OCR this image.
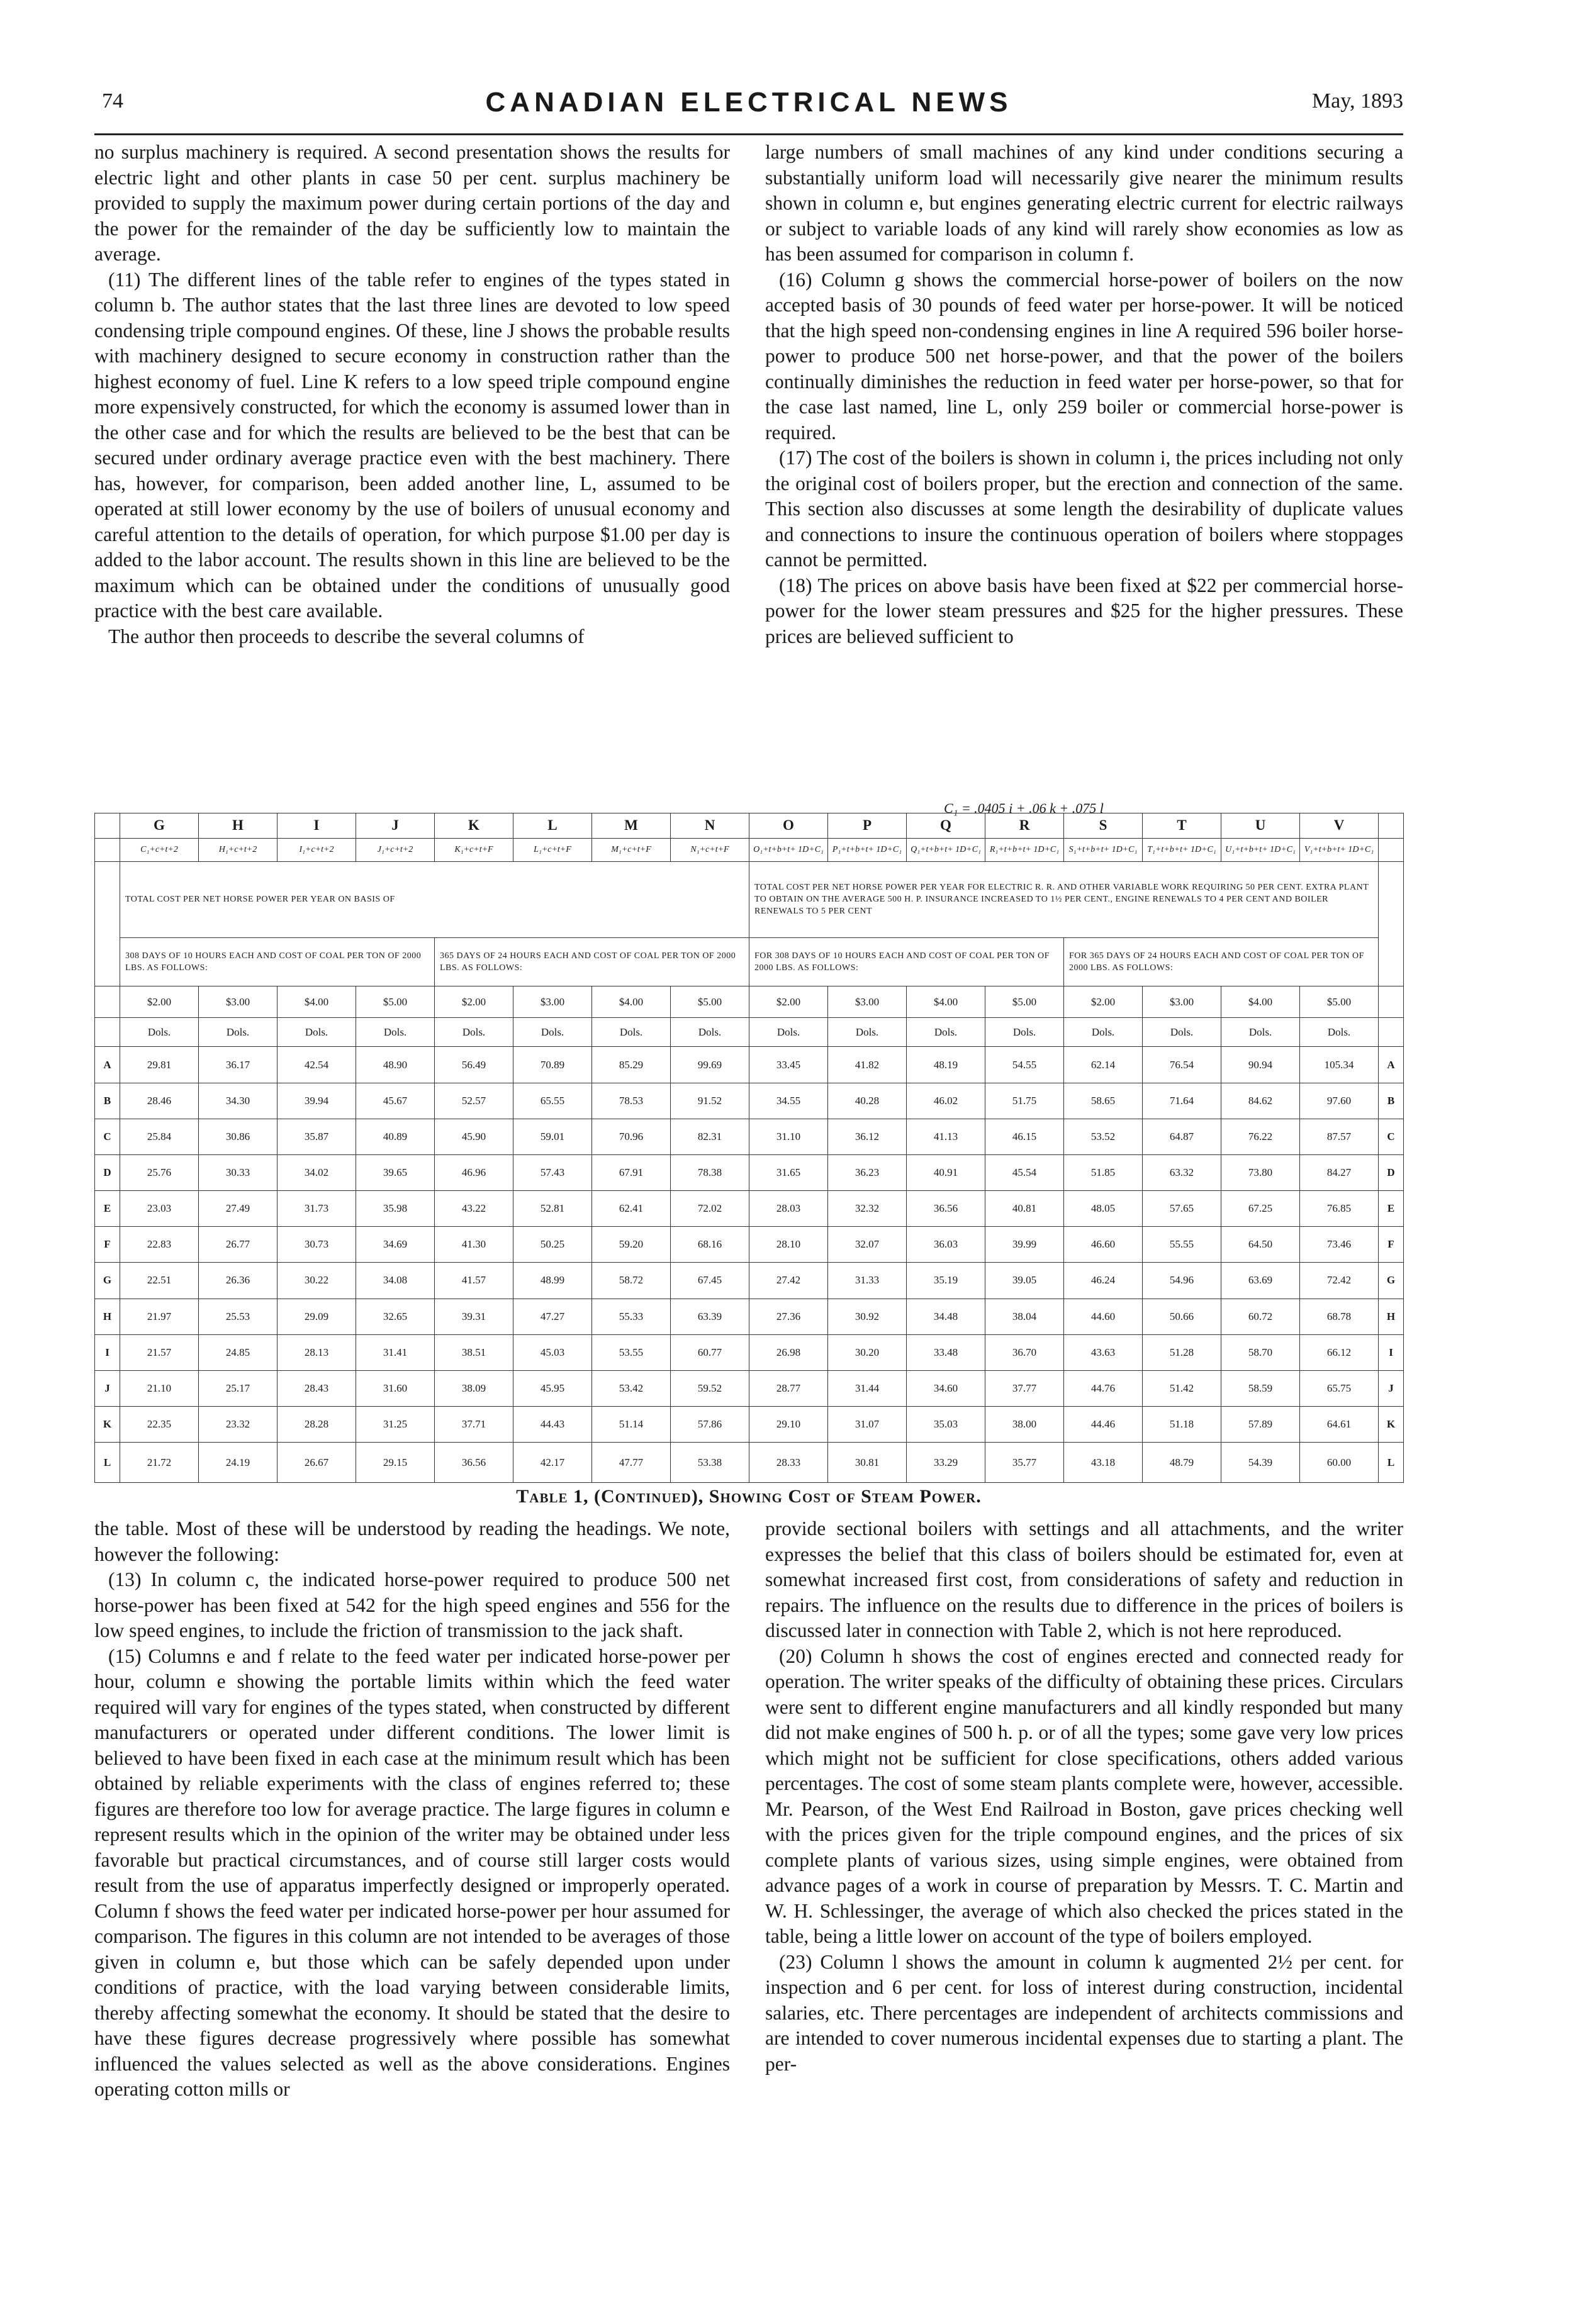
74	CANADIAN ELECTRICAL NEWS	May, 1893

no surplus machinery is required. A second presentation shows the results for electric light and other plants in case 50 per cent. surplus machinery be provided to supply the maximum power during certain portions of the day and the power for the remainder of the day be sufficiently low to maintain the average.

(11) The different lines of the table refer to engines of the types stated in column b. The author states that the last three lines are devoted to low speed condensing triple compound engines. Of these, line J shows the probable results with machinery designed to secure economy in construction rather than the highest economy of fuel. Line K refers to a low speed triple compound engine more expensively constructed, for which the economy is assumed lower than in the other case and for which the results are believed to be the best that can be secured under ordinary average practice even with the best machinery. There has, however, for comparison, been added another line, L, assumed to be operated at still lower economy by the use of boilers of unusual economy and careful attention to the details of operation, for which purpose $1.00 per day is added to the labor account. The results shown in this line are believed to be the maximum which can be obtained under the conditions of unusually good practice with the best care available.

The author then proceeds to describe the several columns of

large numbers of small machines of any kind under conditions securing a substantially uniform load will necessarily give nearer the minimum results shown in column e, but engines generating electric current for electric railways or subject to variable loads of any kind will rarely show economies as low as has been assumed for comparison in column f.

(16) Column g shows the commercial horse-power of boilers on the now accepted basis of 30 pounds of feed water per horse-power. It will be noticed that the high speed non-condensing engines in line A required 596 boiler horse-power to produce 500 net horse-power, and that the power of the boilers continually diminishes the reduction in feed water per horse-power, so that for the case last named, line L, only 259 boiler or commercial horse-power is required.

(17) The cost of the boilers is shown in column i, the prices including not only the original cost of boilers proper, but the erection and connection of the same. This section also discusses at some length the desirability of duplicate values and connections to insure the continuous operation of boilers where stoppages cannot be permitted.

(18) The prices on above basis have been fixed at $22 per commercial horse-power for the lower steam pressures and $25 for the higher pressures. These prices are believed sufficient to

C₁ = .0405 i + .06 k + .075 l
	G	H	I	J	K	L	M	N	O	P	Q	R	S	T	U	V	
	C₁+c+t+2	H₁+c+t+2	I₁+c+t+2	J₁+c+t+2	K₁+c+t+F	L₁+c+t+F	M₁+c+t+F	N₁+c+t+F	O₁+t+b+t+ 1D+C₁	P₁+t+b+t+ 1D+C₁	Q₁+t+b+t+ 1D+C₁	R₁+t+b+t+ 1D+C₁	S₁+t+b+t+ 1D+C₁	T₁+t+b+t+ 1D+C₁	U₁+t+b+t+ 1D+C₁	V₁+t+b+t+ 1D+C₁	
	TOTAL COST PER NET HORSE POWER PER YEAR ON BASIS OF								TOTAL COST PER NET HORSE POWER PER YEAR FOR ELECTRIC R. R. AND OTHER VARIABLE WORK REQUIRING 50 PER CENT. EXTRA PLANT TO OBTAIN ON THE AVERAGE 500 H. P. INSURANCE INCREASED TO 1½ PER CENT., ENGINE RENEWALS TO 4 PER CENT AND BOILER RENEWALS TO 5 PER CENT								
	308 DAYS OF 10 HOURS EACH AND COST OF COAL PER TON OF 2000 LBS. AS FOLLOWS:				365 DAYS OF 24 HOURS EACH AND COST OF COAL PER TON OF 2000 LBS. AS FOLLOWS:				FOR 308 DAYS OF 10 HOURS EACH AND COST OF COAL PER TON OF 2000 LBS. AS FOLLOWS:				FOR 365 DAYS OF 24 HOURS EACH AND COST OF COAL PER TON OF 2000 LBS. AS FOLLOWS:				
	$2.00	$3.00	$4.00	$5.00	$2.00	$3.00	$4.00	$5.00	$2.00	$3.00	$4.00	$5.00	$2.00	$3.00	$4.00	$5.00	
	Dols.	Dols.	Dols.	Dols.	Dols.	Dols.	Dols.	Dols.	Dols.	Dols.	Dols.	Dols.	Dols.	Dols.	Dols.	Dols.	
A	29.81	36.17	42.54	48.90	56.49	70.89	85.29	99.69	33.45	41.82	48.19	54.55	62.14	76.54	90.94	105.34	A
B	28.46	34.30	39.94	45.67	52.57	65.55	78.53	91.52	34.55	40.28	46.02	51.75	58.65	71.64	84.62	97.60	B
C	25.84	30.86	35.87	40.89	45.90	59.01	70.96	82.31	31.10	36.12	41.13	46.15	53.52	64.87	76.22	87.57	C
D	25.76	30.33	34.02	39.65	46.96	57.43	67.91	78.38	31.65	36.23	40.91	45.54	51.85	63.32	73.80	84.27	D
E	23.03	27.49	31.73	35.98	43.22	52.81	62.41	72.02	28.03	32.32	36.56	40.81	48.05	57.65	67.25	76.85	E
F	22.83	26.77	30.73	34.69	41.30	50.25	59.20	68.16	28.10	32.07	36.03	39.99	46.60	55.55	64.50	73.46	F
G	22.51	26.36	30.22	34.08	41.57	48.99	58.72	67.45	27.42	31.33	35.19	39.05	46.24	54.96	63.69	72.42	G
H	21.97	25.53	29.09	32.65	39.31	47.27	55.33	63.39	27.36	30.92	34.48	38.04	44.60	50.66	60.72	68.78	H
I	21.57	24.85	28.13	31.41	38.51	45.03	53.55	60.77	26.98	30.20	33.48	36.70	43.63	51.28	58.70	66.12	I
J	21.10	25.17	28.43	31.60	38.09	45.95	53.42	59.52	28.77	31.44	34.60	37.77	44.76	51.42	58.59	65.75	J
K	22.35	23.32	28.28	31.25	37.71	44.43	51.14	57.86	29.10	31.07	35.03	38.00	44.46	51.18	57.89	64.61	K
L	21.72	24.19	26.67	29.15	36.56	42.17	47.77	53.38	28.33	30.81	33.29	35.77	43.18	48.79	54.39	60.00	L
Table 1, (Continued), Showing Cost of Steam Power.

the table. Most of these will be understood by reading the headings. We note, however the following:

(13) In column c, the indicated horse-power required to produce 500 net horse-power has been fixed at 542 for the high speed engines and 556 for the low speed engines, to include the friction of transmission to the jack shaft.

(15) Columns e and f relate to the feed water per indicated horse-power per hour, column e showing the portable limits within which the feed water required will vary for engines of the types stated, when constructed by different manufacturers or operated under different conditions. The lower limit is believed to have been fixed in each case at the minimum result which has been obtained by reliable experiments with the class of engines referred to; these figures are therefore too low for average practice. The large figures in column e represent results which in the opinion of the writer may be obtained under less favorable but practical circumstances, and of course still larger costs would result from the use of apparatus imperfectly designed or improperly operated. Column f shows the feed water per indicated horse-power per hour assumed for comparison. The figures in this column are not intended to be averages of those given in column e, but those which can be safely depended upon under conditions of practice, with the load varying between considerable limits, thereby affecting somewhat the economy. It should be stated that the desire to have these figures decrease progressively where possible has somewhat influenced the values selected as well as the above considerations. Engines operating cotton mills or

provide sectional boilers with settings and all attachments, and the writer expresses the belief that this class of boilers should be estimated for, even at somewhat increased first cost, from considerations of safety and reduction in repairs. The influence on the results due to difference in the prices of boilers is discussed later in connection with Table 2, which is not here reproduced.

(20) Column h shows the cost of engines erected and connected ready for operation. The writer speaks of the difficulty of obtaining these prices. Circulars were sent to different engine manufacturers and all kindly responded but many did not make engines of 500 h. p. or of all the types; some gave very low prices which might not be sufficient for close specifications, others added various percentages. The cost of some steam plants complete were, however, accessible. Mr. Pearson, of the West End Railroad in Boston, gave prices checking well with the prices given for the triple compound engines, and the prices of six complete plants of various sizes, using simple engines, were obtained from advance pages of a work in course of preparation by Messrs. T. C. Martin and W. H. Schlessinger, the average of which also checked the prices stated in the table, being a little lower on account of the type of boilers employed.

(23) Column l shows the amount in column k augmented 2½ per cent. for inspection and 6 per cent. for loss of interest during construction, incidental salaries, etc. There percentages are independent of architects commissions and are intended to cover numerous incidental expenses due to starting a plant. The per-
